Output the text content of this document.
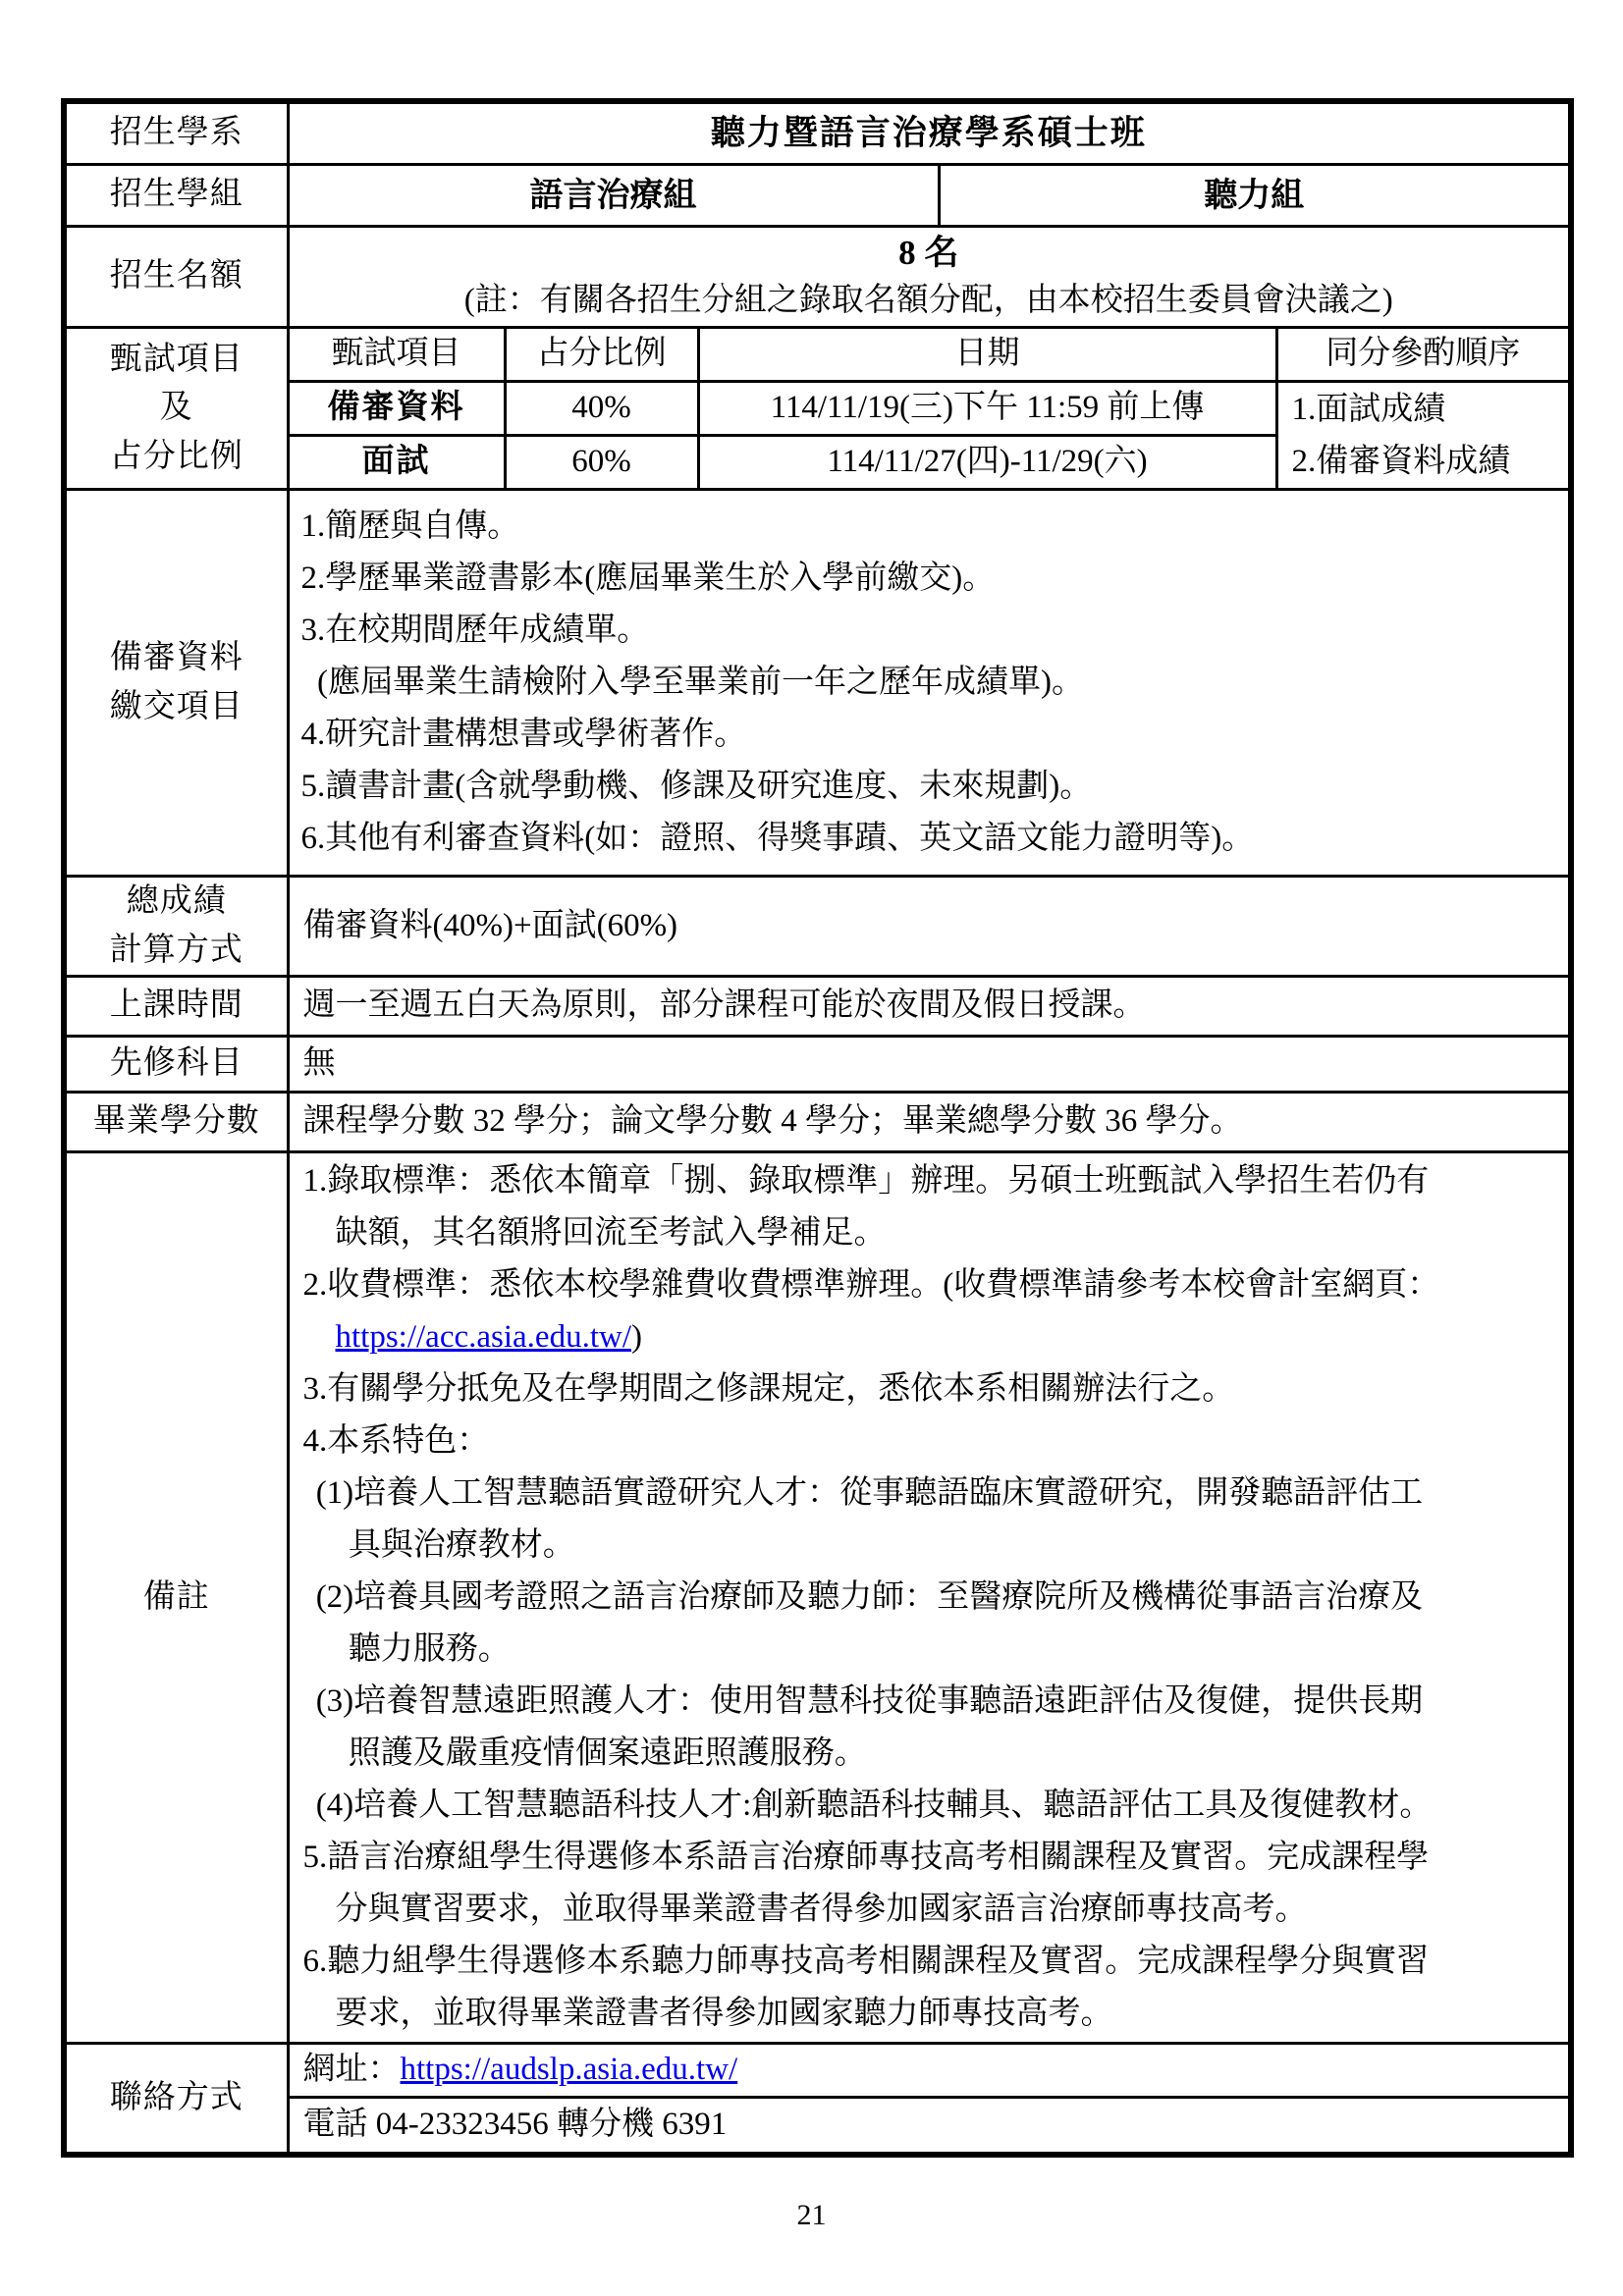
招生學系	聽力暨語言治療學系碩士班				
招生學組	語言治療組			聽力組	
招生名額	8 名
(註：有關各招生分組之錄取名額分配，由本校招生委員會決議之)				

甄試項目
及
占分比例	甄試項目	占分比例	日期		同分參酌順序
	備審資料	40%	114/11/19(三)下午 11:59 前上傳		1.面試成績
2.備審資料成績

	面試	60%	114/11/27(四)-11/29(六)		

備審資料
繳交項目

1.簡歷與自傳。
2.學歷畢業證書影本(應屆畢業生於入學前繳交)。
3.在校期間歷年成績單。
(應屆畢業生請檢附入學至畢業前一年之歷年成績單)。
4.研究計畫構想書或學術著作。
5.讀書計畫(含就學動機、修課及研究進度、未來規劃)。
6.其他有利審查資料(如：證照、得獎事蹟、英文語文能力證明等)。

總成績
計算方式	備審資料(40%)+面試(60%)				

上課時間	週一至週五白天為原則，部分課程可能於夜間及假日授課。				
先修科目	無				
畢業學分數	課程學分數 32 學分；論文學分數 4 學分；畢業總學分數 36 學分。				
備註	
1.錄取標準：悉依本簡章「捌、錄取標準」辦理。另碩士班甄試入學招生若仍有
缺額，其名額將回流至考試入學補足。
2.收費標準：悉依本校學雜費收費標準辦理。(收費標準請參考本校會計室網頁：
https://acc.asia.edu.tw/)
3.有關學分抵免及在學期間之修課規定，悉依本系相關辦法行之。
4.本系特色：
(1)培養人工智慧聽語實證研究人才：從事聽語臨床實證研究，開發聽語評估工
具與治療教材。
(2)培養具國考證照之語言治療師及聽力師：至醫療院所及機構從事語言治療及
聽力服務。
(3)培養智慧遠距照護人才：使用智慧科技從事聽語遠距評估及復健，提供長期
照護及嚴重疫情個案遠距照護服務。
(4)培養人工智慧聽語科技人才:創新聽語科技輔具、聽語評估工具及復健教材。
5.語言治療組學生得選修本系語言治療師專技高考相關課程及實習。完成課程學
分與實習要求，並取得畢業證書者得參加國家語言治療師專技高考。
6.聽力組學生得選修本系聽力師專技高考相關課程及實習。完成課程學分與實習
要求，並取得畢業證書者得參加國家聽力師專技高考。

聯絡方式	網址：https://audslp.asia.edu.tw/				

	電話 04-23323456 轉分機 6391				
21
